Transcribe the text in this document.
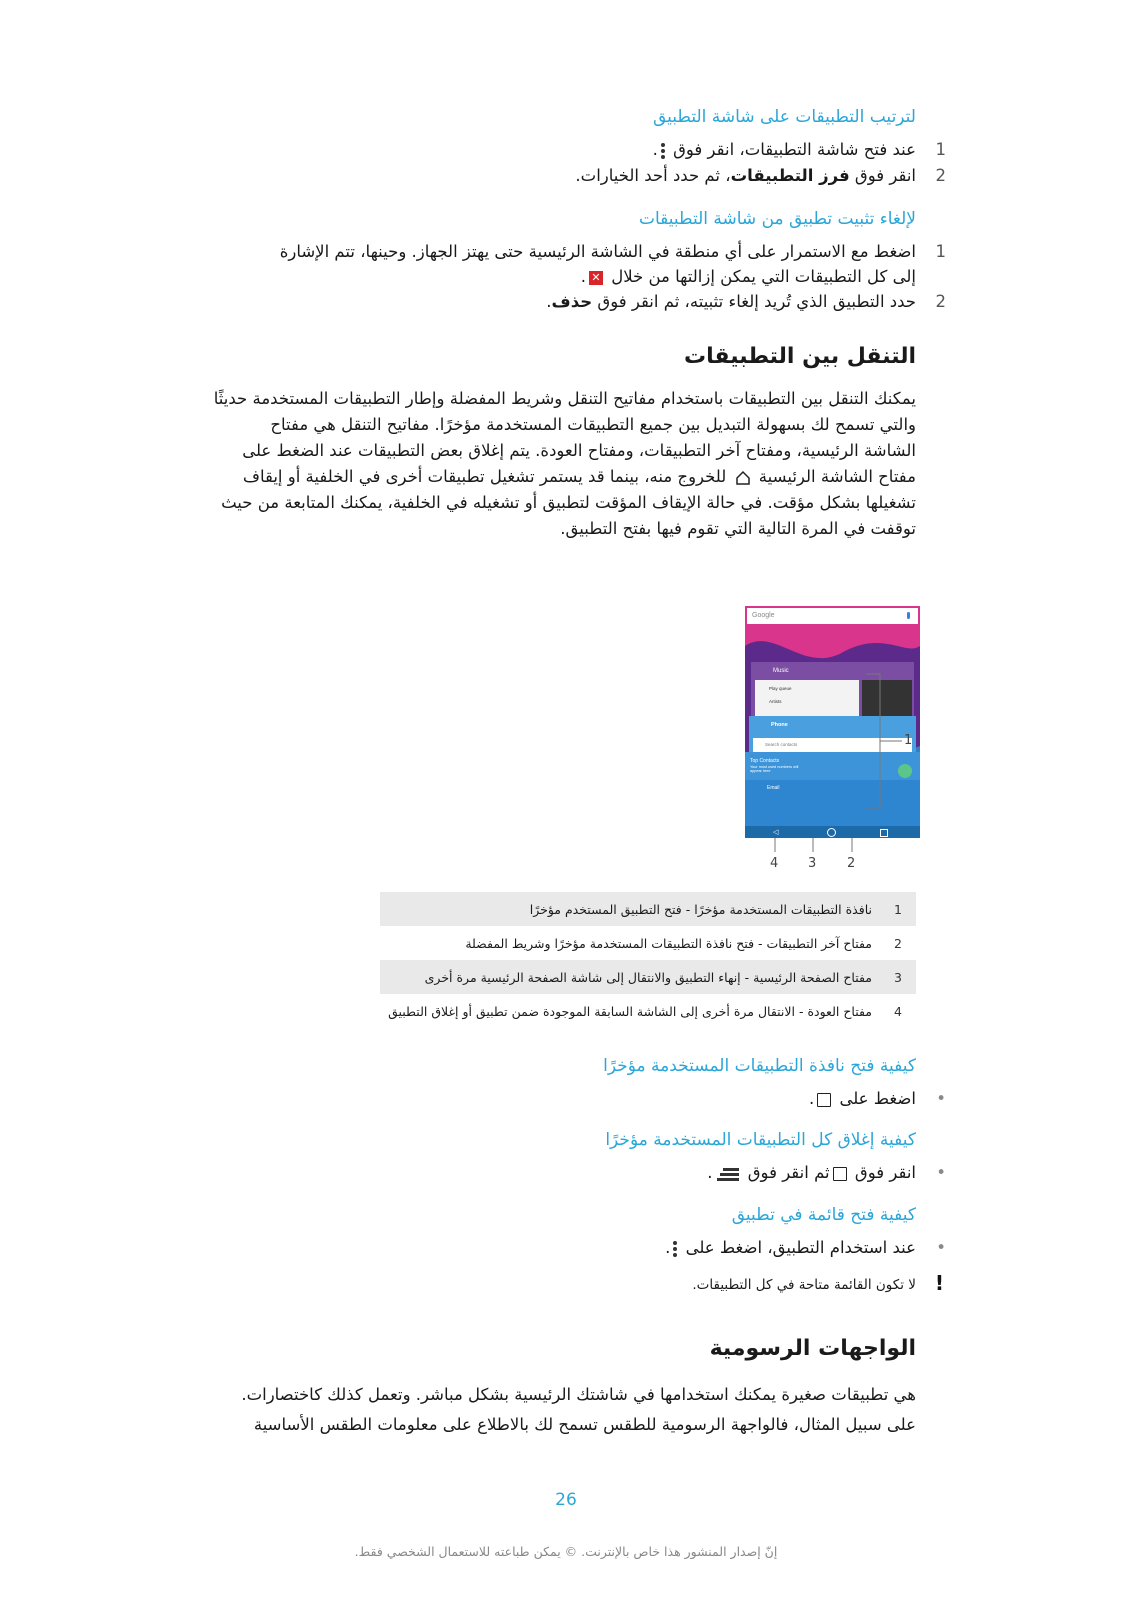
لترتيب التطبيقات على شاشة التطبيق
1
عند فتح شاشة التطبيقات، انقر فوق
.
2
انقر فوق فرز التطبيقات، ثم حدد أحد الخيارات.
لإلغاء تثبيت تطبيق من شاشة التطبيقات
1
اضغط مع الاستمرار على أي منطقة في الشاشة الرئيسية حتى يهتز الجهاز. وحينها، تتم الإشارة
إلى كل التطبيقات التي يمكن إزالتها من خلال ✕.
2
حدد التطبيق الذي تُريد إلغاء تثبيته، ثم انقر فوق حذف.
التنقل بين التطبيقات
يمكنك التنقل بين التطبيقات باستخدام مفاتيح التنقل وشريط المفضلة وإطار التطبيقات المستخدمة حديثًا
والتي تسمح لك بسهولة التبديل بين جميع التطبيقات المستخدمة مؤخرًا. مفاتيح التنقل هي مفتاح
الشاشة الرئيسية، ومفتاح آخر التطبيقات، ومفتاح العودة. يتم إغلاق بعض التطبيقات عند الضغط على
مفتاح الشاشة الرئيسية  للخروج منه، بينما قد يستمر تشغيل تطبيقات أخرى في الخلفية أو إيقاف
تشغيلها بشكل مؤقت. في حالة الإيقاف المؤقت لتطبيق أو تشغيله في الخلفية، يمكنك المتابعة من حيث
توقفت في المرة التالية التي تقوم فيها بفتح التطبيق.
Google
Music
Play queue
Artists
Phone
Search contacts
Top Contacts
Your most used numbers will appear here
Email
◁
1
4 3 2
1	نافذة التطبيقات المستخدمة مؤخرًا - فتح التطبيق المستخدم مؤخرًا
2	مفتاح آخر التطبيقات - فتح نافذة التطبيقات المستخدمة مؤخرًا وشريط المفضلة
3	مفتاح الصفحة الرئيسية - إنهاء التطبيق والانتقال إلى شاشة الصفحة الرئيسية مرة أخرى
4	مفتاح العودة - الانتقال مرة أخرى إلى الشاشة السابقة الموجودة ضمن تطبيق أو إغلاق التطبيق
كيفية فتح نافذة التطبيقات المستخدمة مؤخرًا
•
اضغط على .
كيفية إغلاق كل التطبيقات المستخدمة مؤخرًا
•
انقر فوق ثم انقر فوق
.
كيفية فتح قائمة في تطبيق
•
عند استخدام التطبيق، اضغط على
.
!
لا تكون القائمة متاحة في كل التطبيقات.
الواجهات الرسومية
هي تطبيقات صغيرة يمكنك استخدامها في شاشتك الرئيسية بشكل مباشر. وتعمل كذلك كاختصارات.
على سبيل المثال، فالواجهة الرسومية للطقس تسمح لك بالاطلاع على معلومات الطقس الأساسية
26
إنّ إصدار المنشور هذا خاص بالإنترنت. © يمكن طباعته للاستعمال الشخصي فقط.
